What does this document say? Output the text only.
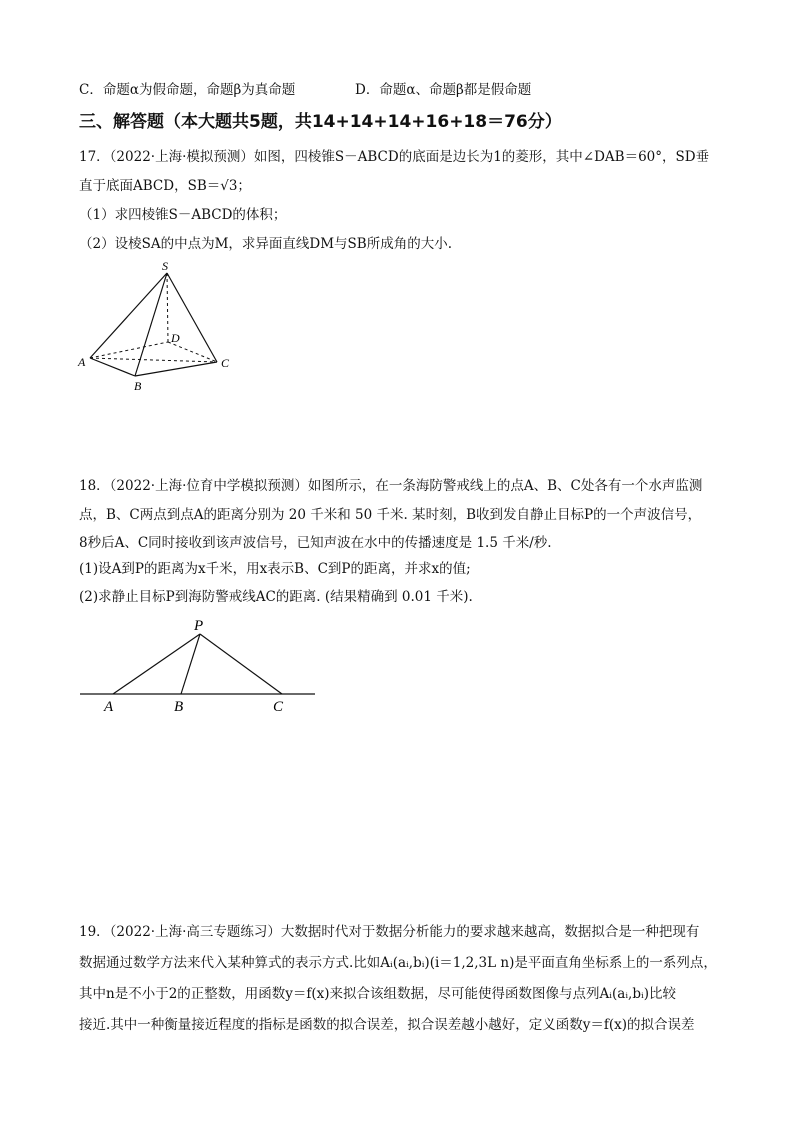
C．命题α为假命题，命题β为真命题	D．命题α、命题β都是假命题
三、解答题（本大题共5题，共14+14+14+16+18＝76分）
17．（2022·上海·模拟预测）如图，四棱锥S－ABCD的底面是边长为1的菱形，其中∠DAB＝60°，SD垂
直于底面ABCD，SB＝√3；
（1）求四棱锥S－ABCD的体积；
（2）设棱SA的中点为M，求异面直线DM与SB所成角的大小.
S
D
A
B
C
18．（2022·上海·位育中学模拟预测）如图所示，在一条海防警戒线上的点A、B、C处各有一个水声监测
点，B、C两点到点A的距离分别为 20 千米和 50 千米. 某时刻，B收到发自静止目标P的一个声波信号，
8秒后A、C同时接收到该声波信号，已知声波在水中的传播速度是 1.5 千米/秒.
(1)设A到P的距离为x千米，用x表示B、C到P的距离，并求x的值;
(2)求静止目标P到海防警戒线AC的距离. (结果精确到 0.01 千米).
P
A	B	C
19．（2022·上海·高三专题练习）大数据时代对于数据分析能力的要求越来越高，数据拟合是一种把现有
数据通过数学方法来代入某种算式的表示方式.比如Aᵢ(aᵢ,bᵢ)(i＝1,2,3L n)是平面直角坐标系上的一系列点，
其中n是不小于2的正整数，用函数y＝f(x)来拟合该组数据，尽可能使得函数图像与点列Aᵢ(aᵢ,bᵢ)比较
接近.其中一种衡量接近程度的指标是函数的拟合误差，拟合误差越小越好，定义函数y＝f(x)的拟合误差
